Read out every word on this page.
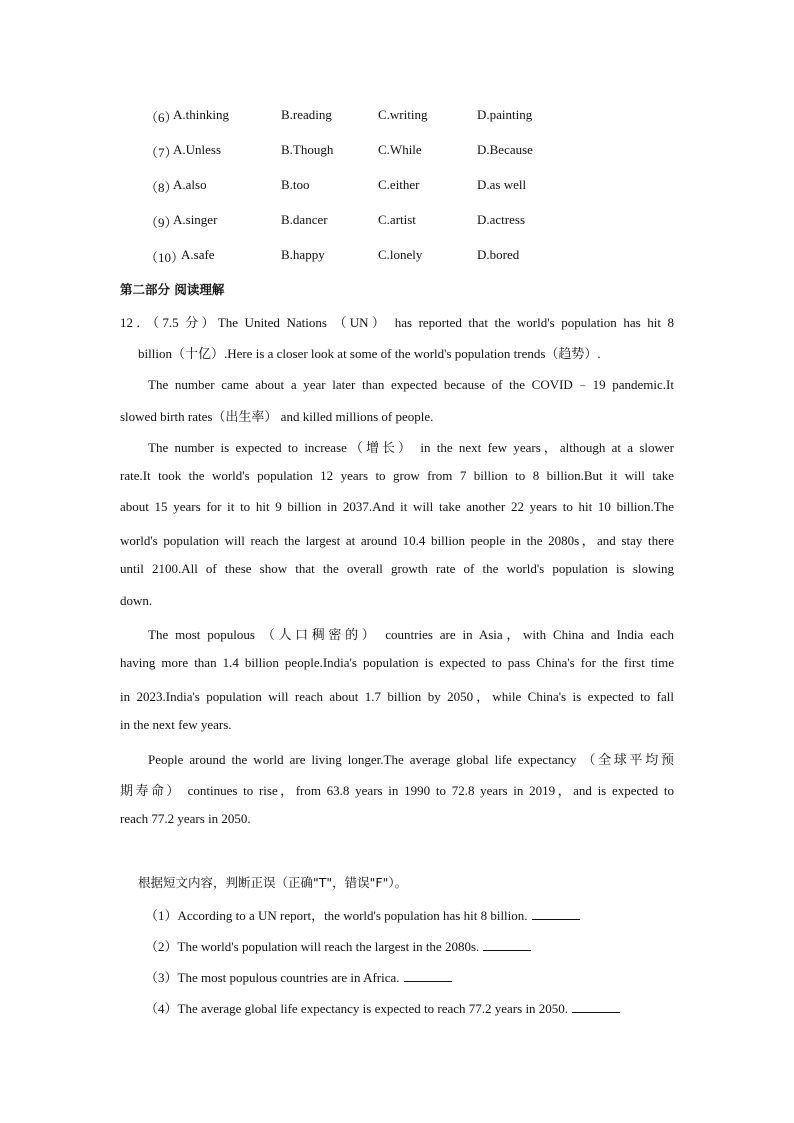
（6）
A.thinking	B.reading	C.writing	D.painting
（7）
A.Unless	B.Though	C.While	D.Because
（8）
A.also	B.too	C.either	D.as well
（9）
A.singer	B.dancer	C.artist	D.actress
（10）
A.safe	B.happy	C.lonely	D.bored
第二部分 阅读理解
12．（7.5 分）The United Nations （UN） has reported that the world's population has hit 8
billion（十亿）.Here is a closer look at some of the world's population trends（趋势）.
The number came about a year later than expected because of the COVID﹣19 pandemic.It
slowed birth rates（出生率） and killed millions of people.
The number is expected to increase（增长） in the next few years，although at a slower
rate.It took the world's population 12 years to grow from 7 billion to 8 billion.But it will take
about 15 years for it to hit 9 billion in 2037.And it will take another 22 years to hit 10 billion.The
world's population will reach the largest at around 10.4 billion people in the 2080s，and stay there
until 2100.All of these show that the overall growth rate of the world's population is slowing
down.
The most populous （人口稠密的） countries are in Asia，with China and India each
having more than 1.4 billion people.India's population is expected to pass China's for the first time
in 2023.India's population will reach about 1.7 billion by 2050，while China's is expected to fall
in the next few years.
People around the world are living longer.The average global life expectancy （全球平均预
期寿命） continues to rise，from 63.8 years in 1990 to 72.8 years in 2019，and is expected to
reach 77.2 years in 2050.
根据短文内容，判断正误（正确"T"，错误"F"）。
（1）According to a UN report，the world's population has hit 8 billion.
（2）The world's population will reach the largest in the 2080s.
（3）The most populous countries are in Africa.
（4）The average global life expectancy is expected to reach 77.2 years in 2050.
